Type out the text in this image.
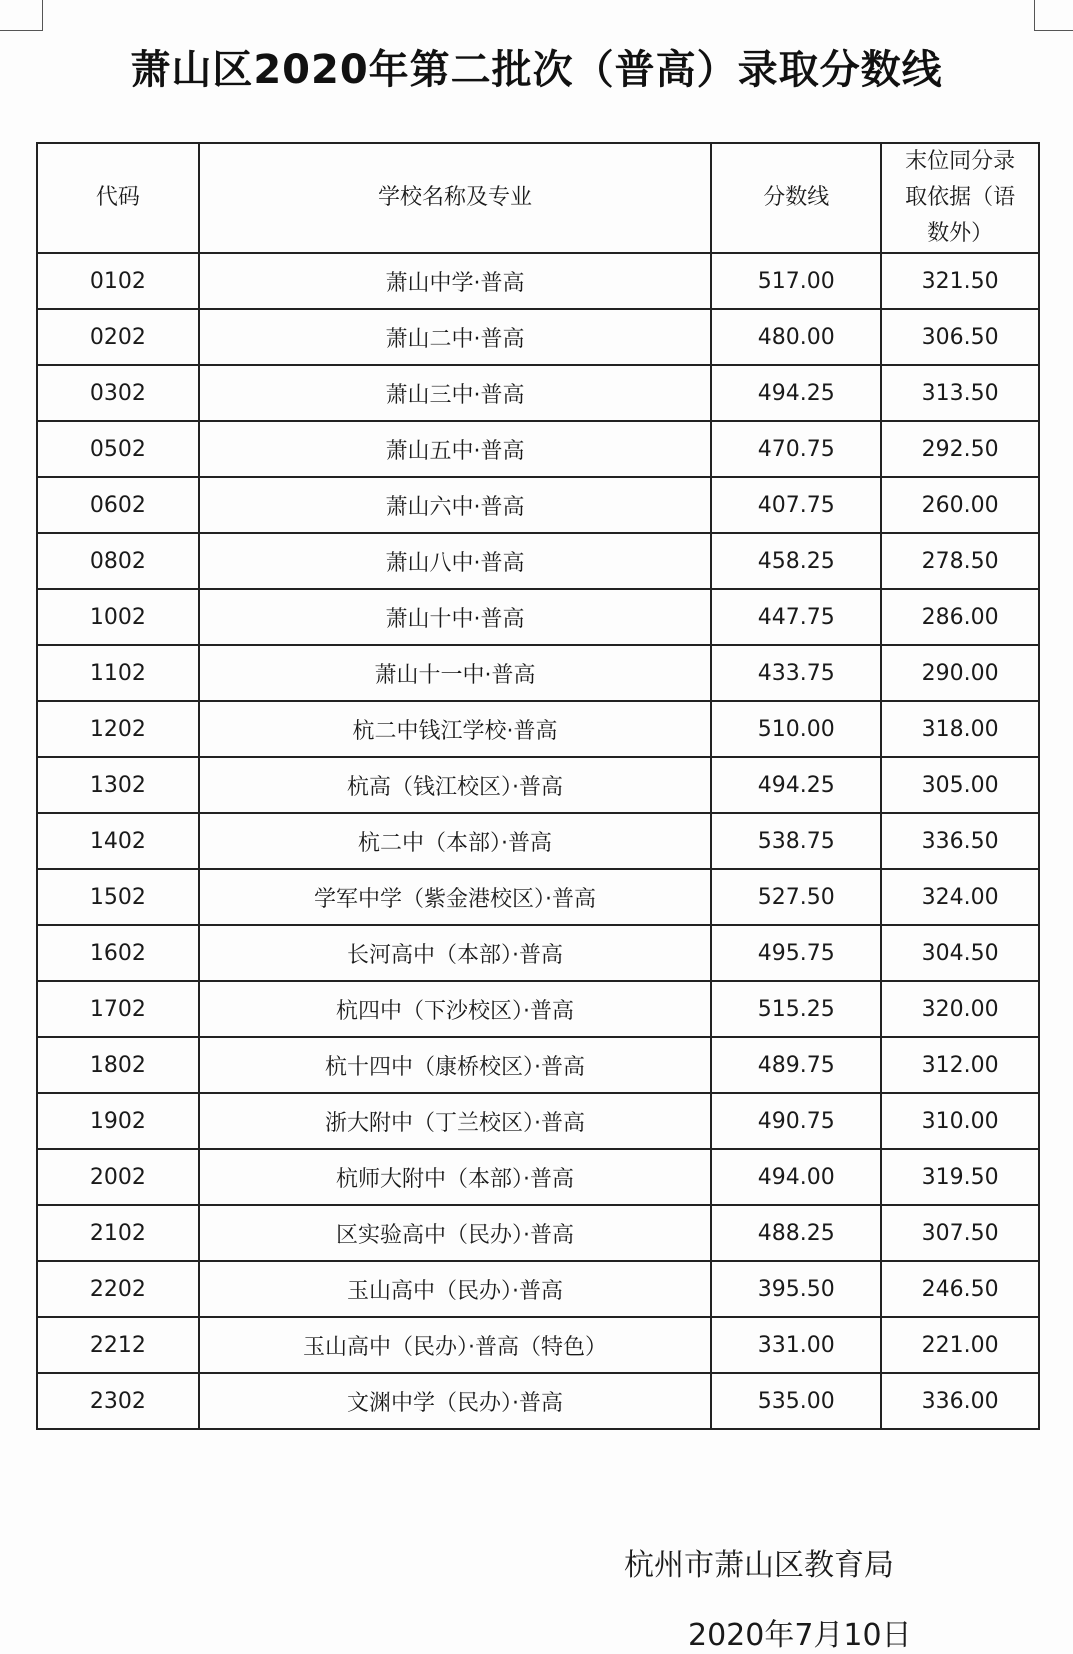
萧山区2020年第二批次（普高）录取分数线
代码	学校名称及专业	分数线	末位同分录取依据（语数外）
0102	萧山中学·普高	517.00	321.50
0202	萧山二中·普高	480.00	306.50
0302	萧山三中·普高	494.25	313.50
0502	萧山五中·普高	470.75	292.50
0602	萧山六中·普高	407.75	260.00
0802	萧山八中·普高	458.25	278.50
1002	萧山十中·普高	447.75	286.00
1102	萧山十一中·普高	433.75	290.00
1202	杭二中钱江学校·普高	510.00	318.00
1302	杭高（钱江校区）·普高	494.25	305.00
1402	杭二中（本部）·普高	538.75	336.50
1502	学军中学（紫金港校区）·普高	527.50	324.00
1602	长河高中（本部）·普高	495.75	304.50
1702	杭四中（下沙校区）·普高	515.25	320.00
1802	杭十四中（康桥校区）·普高	489.75	312.00
1902	浙大附中（丁兰校区）·普高	490.75	310.00
2002	杭师大附中（本部）·普高	494.00	319.50
2102	区实验高中（民办）·普高	488.25	307.50
2202	玉山高中（民办）·普高	395.50	246.50
2212	玉山高中（民办）·普高（特色）	331.00	221.00
2302	文渊中学（民办）·普高	535.00	336.00
杭州市萧山区教育局
2020年7月10日
